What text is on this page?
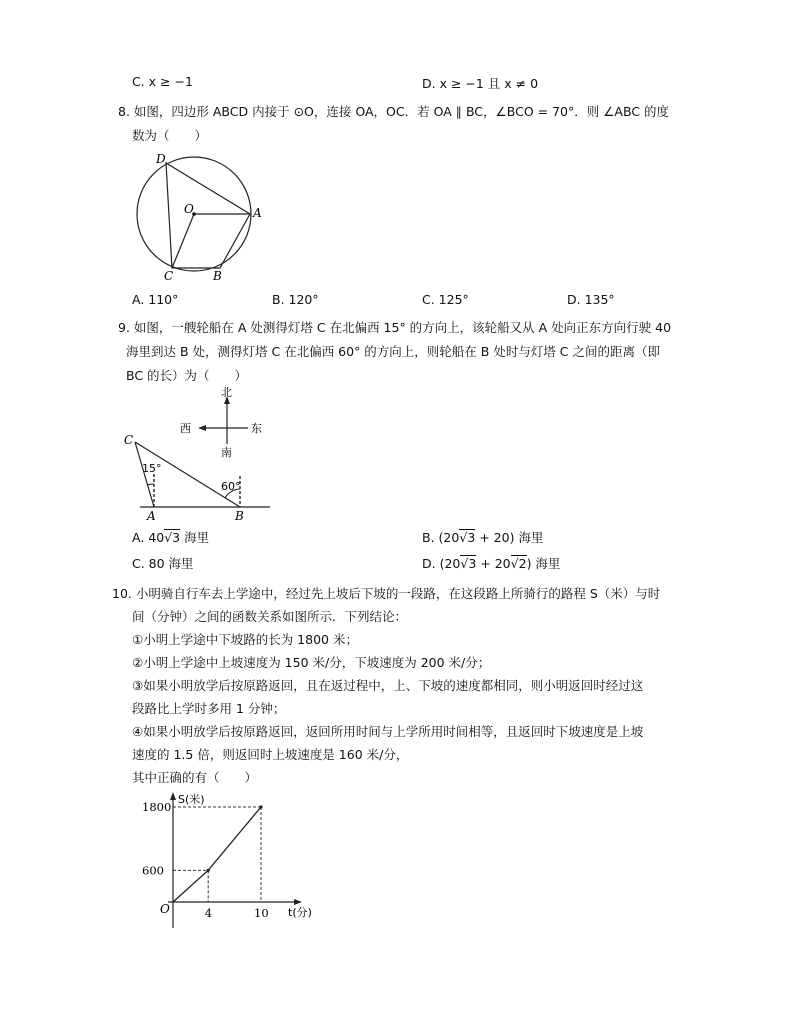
C. x ≥ −1	D. x ≥ −1 且 x ≠ 0
8. 如图，四边形 ABCD 内接于 ⊙O，连接 OA，OC．若 OA ∥ BC，∠BCO = 70°．则 ∠ABC 的度
数为（　　）
D
O	A
C	B
A. 110°	B. 120°	C. 125°	D. 135°
9. 如图，一艘轮船在 A 处测得灯塔 C 在北偏西 15° 的方向上，该轮船又从 A 处向正东方向行驶 40
海里到达 B 处，测得灯塔 C 在北偏西 60° 的方向上，则轮船在 B 处时与灯塔 C 之间的距离（即
BC 的长）为（　　）
北
西	东
南
15°
60°
C
A	B
A. 40√3 海里	B. (20√3 + 20) 海里
C. 80 海里	D. (20√3 + 20√2) 海里
10. 小明骑自行车去上学途中，经过先上坡后下坡的一段路，在这段路上所骑行的路程 S（米）与时
间（分钟）之间的函数关系如图所示．下列结论：
①小明上学途中下坡路的长为 1800 米；
②小明上学途中上坡速度为 150 米/分，下坡速度为 200 米/分；
③如果小明放学后按原路返回，且在返过程中，上、下坡的速度都相同，则小明返回时经过这
段路比上学时多用 1 分钟；
④如果小明放学后按原路返回，返回所用时间与上学所用时间相等，且返回时下坡速度是上坡
速度的 1.5 倍，则返回时上坡速度是 160 米/分，
其中正确的有（　　）
S(米)
t(分)
O
600
1800
4	10
